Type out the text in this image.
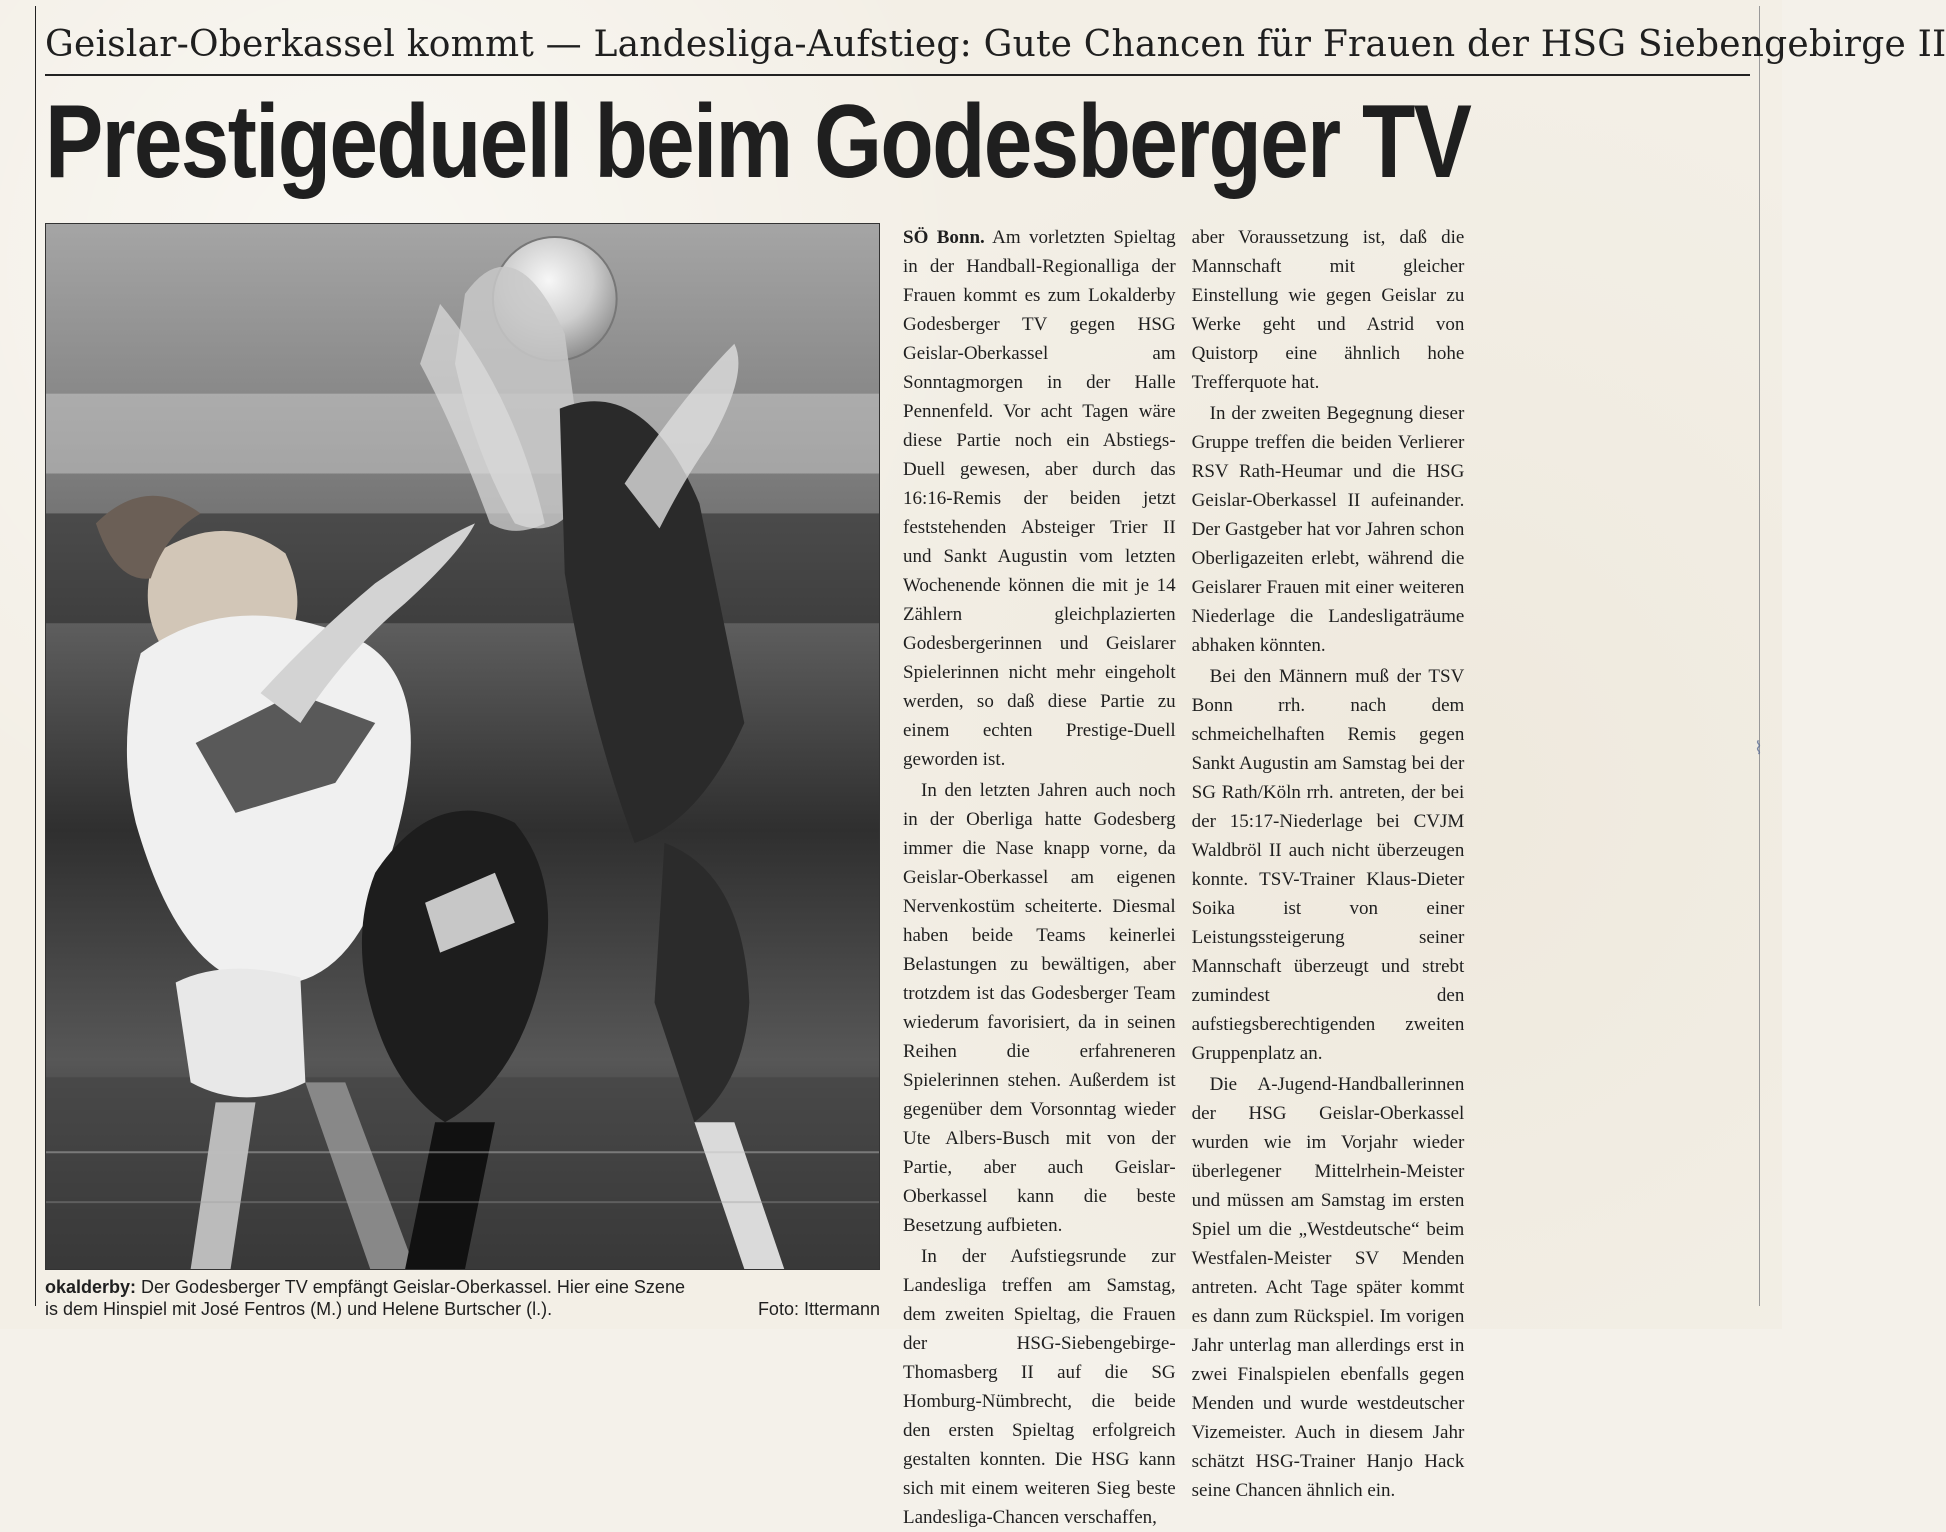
Geislar-Oberkassel kommt — Landesliga-Aufstieg: Gute Chancen für Frauen der HSG Siebengebirge II
Prestigeduell beim Godesberger TV
okalderby: Der Godesberger TV empfängt Geislar-Oberkassel. Hier eine Szene
is dem Hinspiel mit José Fentros (M.) und Helene Burtscher (l.).	Foto: Ittermann

SÖ Bonn. Am vorletzten Spieltag in der Handball-Regionalliga der Frauen kommt es zum Lokalderby Godesberger TV gegen HSG Geislar-Oberkassel am Sonntagmorgen in der Halle Pennenfeld. Vor acht Tagen wäre diese Partie noch ein Abstiegs-Duell gewesen, aber durch das 16:16-Remis der beiden jetzt feststehenden Absteiger Trier II und Sankt Augustin vom letzten Wochenende können die mit je 14 Zählern gleichplazierten Godesbergerinnen und Geislarer Spielerinnen nicht mehr eingeholt werden, so daß diese Partie zu einem echten Prestige-Duell geworden ist.

In den letzten Jahren auch noch in der Oberliga hatte Godesberg immer die Nase knapp vorne, da Geislar-Oberkassel am eigenen Nervenkostüm scheiterte. Diesmal haben beide Teams keinerlei Belastungen zu bewältigen, aber trotzdem ist das Godesberger Team wiederum favorisiert, da in seinen Reihen die erfahreneren Spielerinnen stehen. Außerdem ist gegenüber dem Vorsonntag wieder Ute Albers-Busch mit von der Partie, aber auch Geislar-Oberkassel kann die beste Besetzung aufbieten.

In der Aufstiegsrunde zur Landesliga treffen am Samstag, dem zweiten Spieltag, die Frauen der HSG-Siebengebirge-Thomasberg II auf die SG Homburg-Nümbrecht, die beide den ersten Spieltag erfolgreich gestalten konnten. Die HSG kann sich mit einem weiteren Sieg beste Landesliga-Chancen verschaffen,

aber Voraussetzung ist, daß die Mannschaft mit gleicher Einstellung wie gegen Geislar zu Werke geht und Astrid von Quistorp eine ähnlich hohe Trefferquote hat.

In der zweiten Begegnung dieser Gruppe treffen die beiden Verlierer RSV Rath-Heumar und die HSG Geislar-Oberkassel II aufeinander. Der Gastgeber hat vor Jahren schon Oberligazeiten erlebt, während die Geislarer Frauen mit einer weiteren Niederlage die Landesligaträume abhaken könnten.

Bei den Männern muß der TSV Bonn rrh. nach dem schmeichelhaften Remis gegen Sankt Augustin am Samstag bei der SG Rath/Köln rrh. antreten, der bei der 15:17-Niederlage bei CVJM Waldbröl II auch nicht überzeugen konnte. TSV-Trainer Klaus-Dieter Soika ist von einer Leistungssteigerung seiner Mannschaft überzeugt und strebt zumindest den aufstiegsberechtigenden zweiten Gruppenplatz an.

Die A-Jugend-Handballerinnen der HSG Geislar-Oberkassel wurden wie im Vorjahr wieder überlegener Mittelrhein-Meister und müssen am Samstag im ersten Spiel um die „Westdeutsche“ beim Westfalen-Meister SV Menden antreten. Acht Tage später kommt es dann zum Rückspiel. Im vorigen Jahr unterlag man allerdings erst in zwei Finalspielen ebenfalls gegen Menden und wurde westdeutscher Vizemeister. Auch in diesem Jahr schätzt HSG-Trainer Hanjo Hack seine Chancen ähnlich ein.

⌇
